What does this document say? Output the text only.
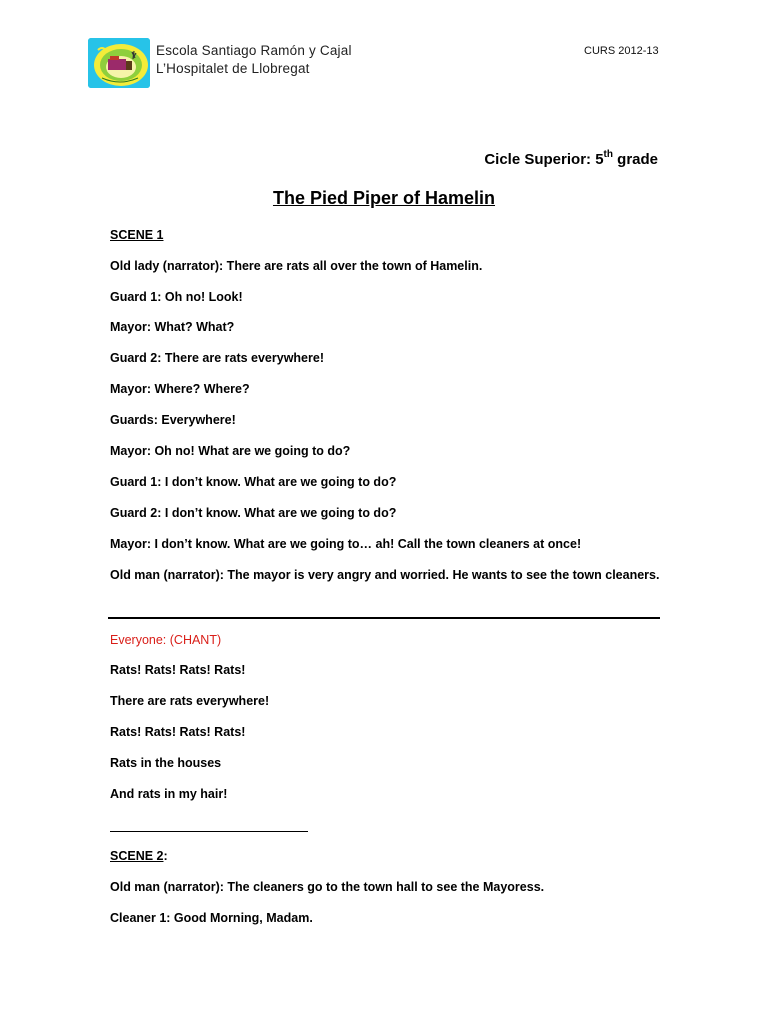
Escola Santiago Ramón y Cajal
L’Hospitalet de Llobregat
CURS 2012-13
Cicle Superior: 5th grade
The Pied Piper of Hamelin
SCENE 1
Old lady (narrator): There are rats all over the town of Hamelin.
Guard 1: Oh no! Look!
Mayor: What? What?
Guard 2: There are rats everywhere!
Mayor: Where? Where?
Guards: Everywhere!
Mayor: Oh no! What are we going to do?
Guard 1: I don’t know. What are we going to do?
Guard 2: I don’t know. What are we going to do?
Mayor: I don’t know. What are we going to… ah! Call the town cleaners at once!
Old man (narrator): The mayor is very angry and worried. He wants to see the town cleaners.
Everyone: (CHANT)
Rats! Rats! Rats! Rats!
There are rats everywhere!
Rats! Rats! Rats! Rats!
Rats in the houses
And rats in my hair!
SCENE 2:
Old man (narrator): The cleaners go to the town hall to see the Mayoress.
Cleaner 1: Good Morning, Madam.
